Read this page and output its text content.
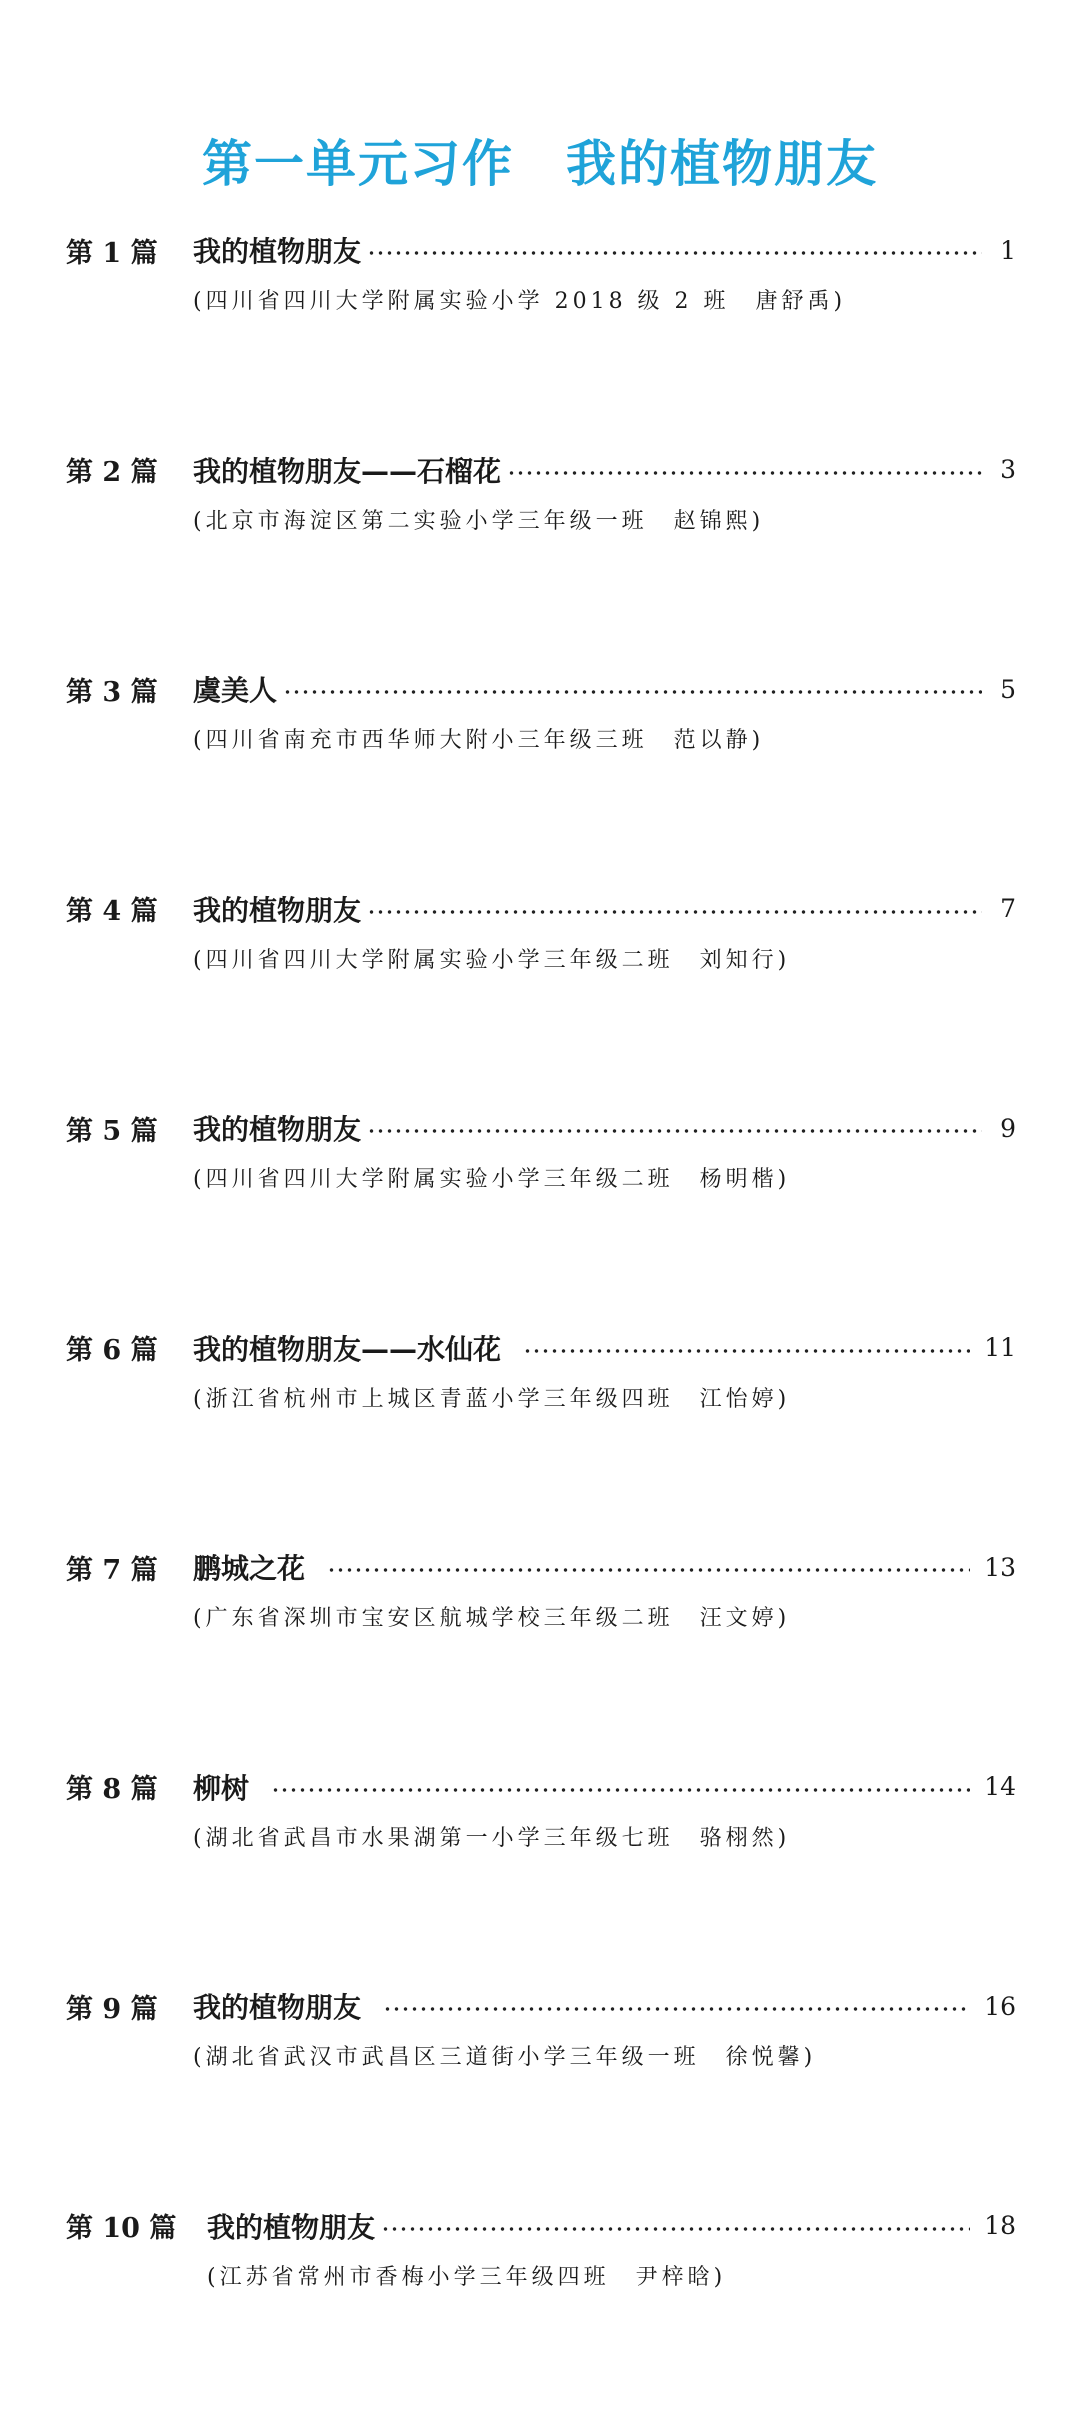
第一单元习作　我的植物朋友
第 1 篇	我的植物朋友	1
(四川省四川大学附属实验小学 2018 级 2 班　唐舒禹)
第 2 篇	我的植物朋友——石榴花	3
(北京市海淀区第二实验小学三年级一班　赵锦熙)
第 3 篇	虞美人	5
(四川省南充市西华师大附小三年级三班　范以静)
第 4 篇	我的植物朋友	7
(四川省四川大学附属实验小学三年级二班　刘知行)
第 5 篇	我的植物朋友	9
(四川省四川大学附属实验小学三年级二班　杨明楷)
第 6 篇	我的植物朋友——水仙花	11
(浙江省杭州市上城区青蓝小学三年级四班　江怡婷)
第 7 篇	鹏城之花	13
(广东省深圳市宝安区航城学校三年级二班　汪文婷)
第 8 篇	柳树	14
(湖北省武昌市水果湖第一小学三年级七班　骆栩然)
第 9 篇	我的植物朋友	16
(湖北省武汉市武昌区三道街小学三年级一班　徐悦馨)
第 10 篇	我的植物朋友	18
(江苏省常州市香梅小学三年级四班　尹梓晗)
